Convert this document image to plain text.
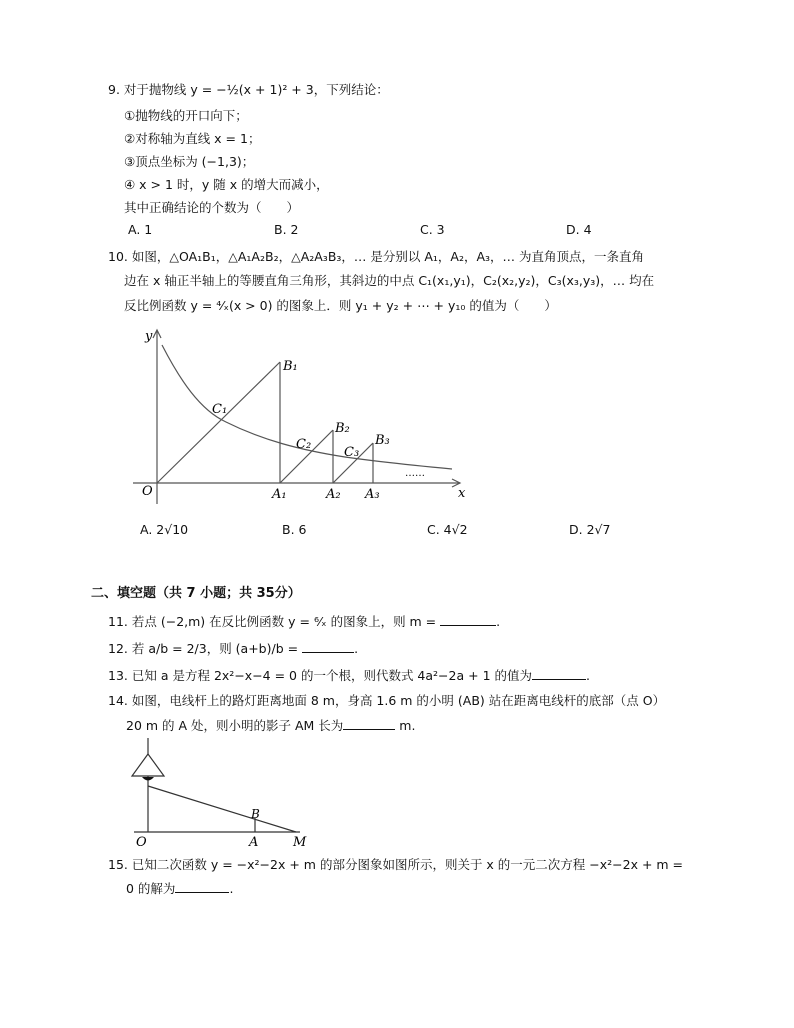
9. 对于抛物线 y = −½(x + 1)² + 3，下列结论：
①抛物线的开口向下；
②对称轴为直线 x = 1；
③顶点坐标为 (−1,3)；
④ x > 1 时，y 随 x 的增大而减小，
其中正确结论的个数为（　　）
A. 1	B. 2	C. 3	D. 4
10. 如图，△OA₁B₁，△A₁A₂B₂，△A₂A₃B₃，… 是分别以 A₁，A₂，A₃，… 为直角顶点，一条直角
边在 x 轴正半轴上的等腰直角三角形，其斜边的中点 C₁(x₁,y₁)，C₂(x₂,y₂)，C₃(x₃,y₃)，… 均在
反比例函数 y = ⁴⁄ₓ(x > 0) 的图象上．则 y₁ + y₂ + ⋯ + y₁₀ 的值为（　　）
y
x
O
B₁
B₂
B₃
C₁
C₂
C₃
A₁	A₂ A₃
……
A. 2√10	B. 6	C. 4√2	D. 2√7
二、填空题（共 7 小题；共 35分）
11. 若点 (−2,m) 在反比例函数 y = ⁶⁄ₓ 的图象上，则 m =	.
12. 若 a/b = 2/3，则 (a+b)/b =	.
13. 已知 a 是方程 2x²−x−4 = 0 的一个根，则代数式 4a²−2a + 1 的值为	.
14. 如图，电线杆上的路灯距离地面 8 m，身高 1.6 m 的小明 (AB) 站在距离电线杆的底部（点 O）
20 m 的 A 处，则小明的影子 AM 长为	m.
O	A	M
B
15. 已知二次函数 y = −x²−2x + m 的部分图象如图所示，则关于 x 的一元二次方程 −x²−2x + m =
0 的解为	.
